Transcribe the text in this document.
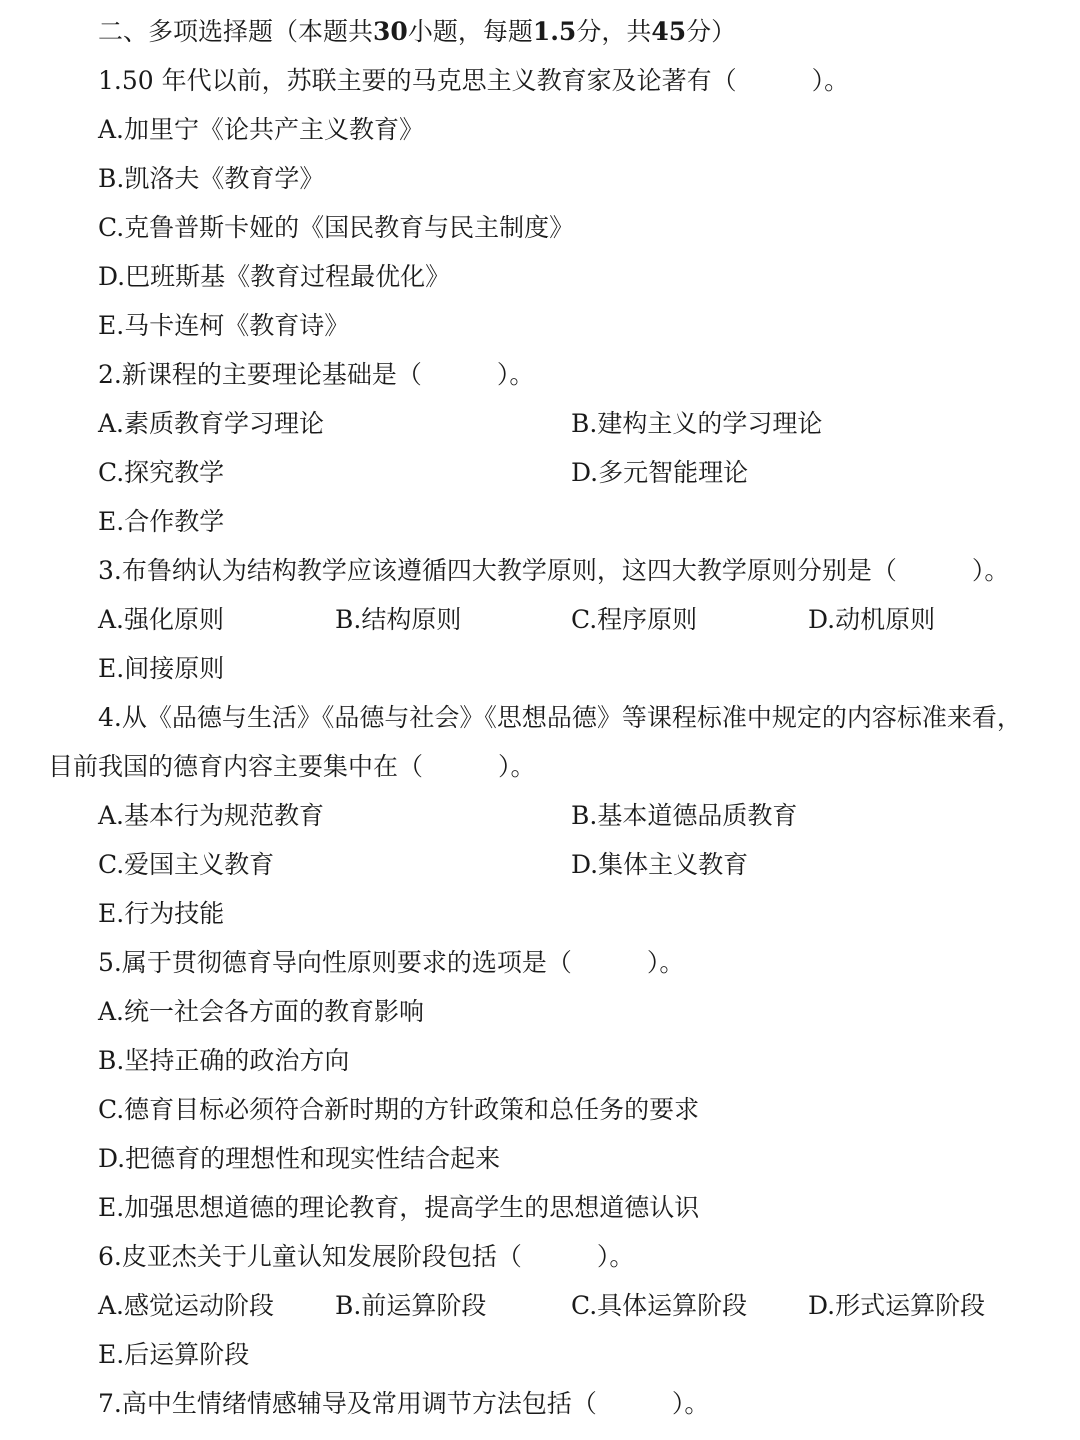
二、多项选择题（本题共30小题，每题1.5分，共45分）
1.50 年代以前，苏联主要的马克思主义教育家及论著有（　　　）。
A.加里宁《论共产主义教育》
B.凯洛夫《教育学》
C.克鲁普斯卡娅的《国民教育与民主制度》
D.巴班斯基《教育过程最优化》
E.马卡连柯《教育诗》
2.新课程的主要理论基础是（　　　）。
A.素质教育学习理论	B.建构主义的学习理论
C.探究教学	D.多元智能理论
E.合作教学
3.布鲁纳认为结构教学应该遵循四大教学原则，这四大教学原则分别是（　　　）。
A.强化原则	B.结构原则	C.程序原则	D.动机原则
E.间接原则
4.从《品德与生活》《品德与社会》《思想品德》等课程标准中规定的内容标准来看，
目前我国的德育内容主要集中在（　　　）。
A.基本行为规范教育	B.基本道德品质教育
C.爱国主义教育	D.集体主义教育
E.行为技能
5.属于贯彻德育导向性原则要求的选项是（　　　）。
A.统一社会各方面的教育影响
B.坚持正确的政治方向
C.德育目标必须符合新时期的方针政策和总任务的要求
D.把德育的理想性和现实性结合起来
E.加强思想道德的理论教育，提高学生的思想道德认识
6.皮亚杰关于儿童认知发展阶段包括（　　　）。
A.感觉运动阶段 B.前运算阶段	C.具体运算阶段 D.形式运算阶段
E.后运算阶段
7.高中生情绪情感辅导及常用调节方法包括（　　　）。
